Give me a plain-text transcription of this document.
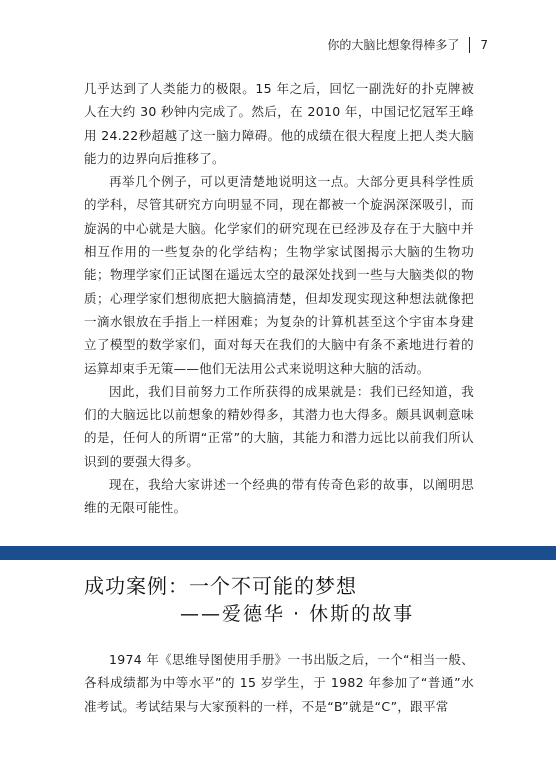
你的大脑比想象得棒多了 7

几乎达到了人类能力的极限。15 年之后，回忆一副洗好的扑克牌被人在大约 30 秒钟内完成了。然后，在 2010 年，中国记忆冠军王峰用 24.22秒超越了这一脑力障碍。他的成绩在很大程度上把人类大脑能力的边界向后推移了。

再举几个例子，可以更清楚地说明这一点。大部分更具科学性质的学科，尽管其研究方向明显不同，现在都被一个旋涡深深吸引，而旋涡的中心就是大脑。化学家们的研究现在已经涉及存在于大脑中并相互作用的一些复杂的化学结构；生物学家试图揭示大脑的生物功能；物理学家们正试图在遥远太空的最深处找到一些与大脑类似的物质；心理学家们想彻底把大脑搞清楚，但却发现实现这种想法就像把一滴水银放在手指上一样困难；为复杂的计算机甚至这个宇宙本身建立了模型的数学家们，面对每天在我们的大脑中有条不紊地进行着的运算却束手无策——他们无法用公式来说明这种大脑的活动。

因此，我们目前努力工作所获得的成果就是：我们已经知道，我们的大脑远比以前想象的精妙得多，其潜力也大得多。颇具讽刺意味的是，任何人的所谓“正常”的大脑，其能力和潜力远比以前我们所认识到的要强大得多。

现在，我给大家讲述一个经典的带有传奇色彩的故事，以阐明思维的无限可能性。

成功案例：一个不可能的梦想
——爱德华 · 休斯的故事

1974 年《思维导图使用手册》一书出版之后，一个“相当一般、各科成绩都为中等水平”的 15 岁学生，于 1982 年参加了“普通”水准考试。考试结果与大家预料的一样，不是“B”就是“C”，跟平常
